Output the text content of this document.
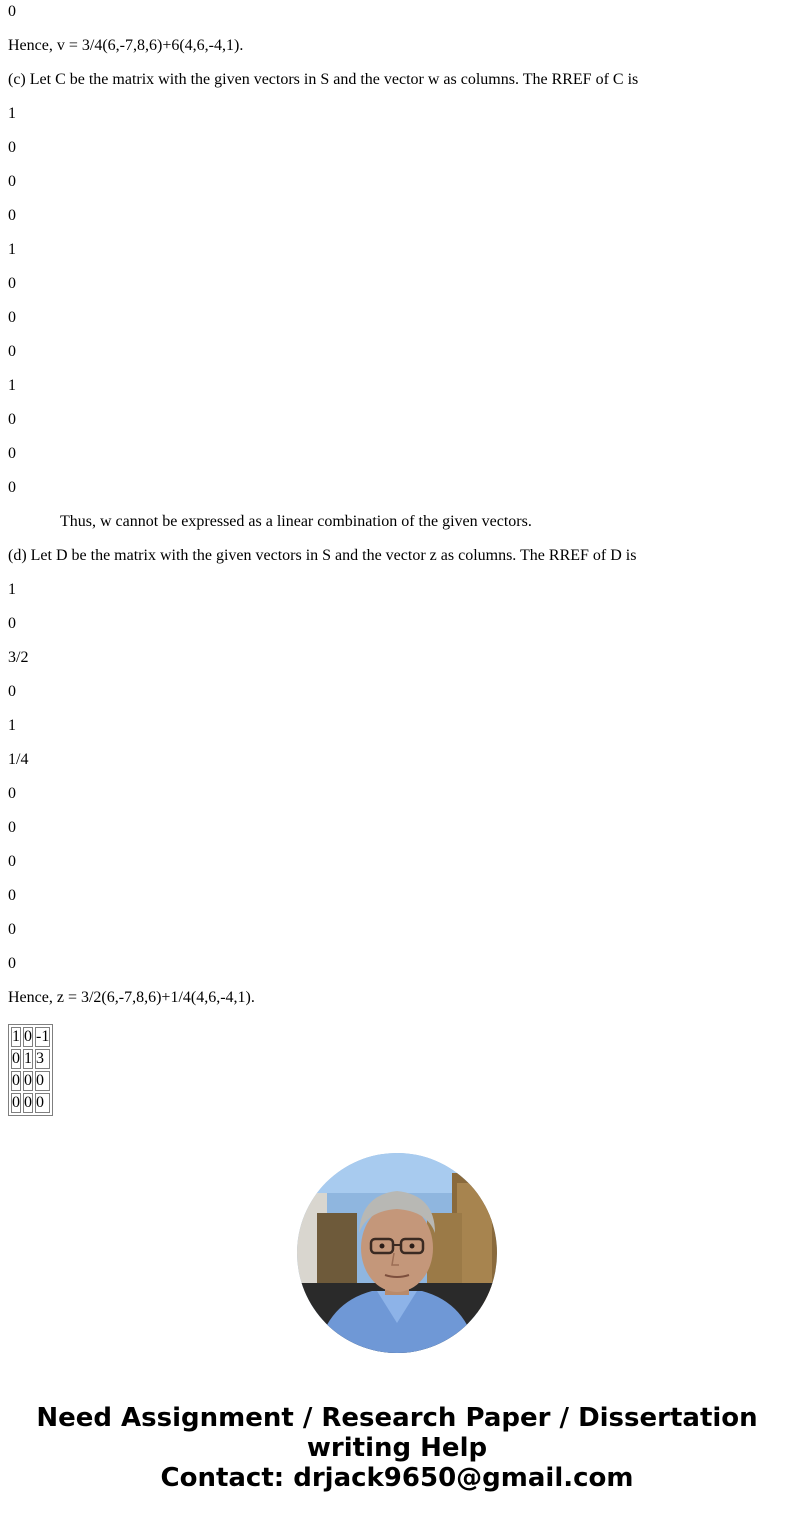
0

Hence, v = 3/4(6,-7,8,6)+6(4,6,-4,1).

(c) Let C be the matrix with the given vectors in S and the vector w as columns. The RREF of C is

1

0

0

0

1

0

0

0

1

0

0

0

Thus, w cannot be expressed as a linear combination of the given vectors.

(d) Let D be the matrix with the given vectors in S and the vector z as columns. The RREF of D is

1

0

3/2

0

1

1/4

0

0

0

0

0

0

Hence, z = 3/2(6,-7,8,6)+1/4(4,6,-4,1).

1	0	-1
0	1	3
0	0	0
0	0	0
Need Assignment / Research Paper / Dissertation
writing Help
Contact: drjack9650@gmail.com
